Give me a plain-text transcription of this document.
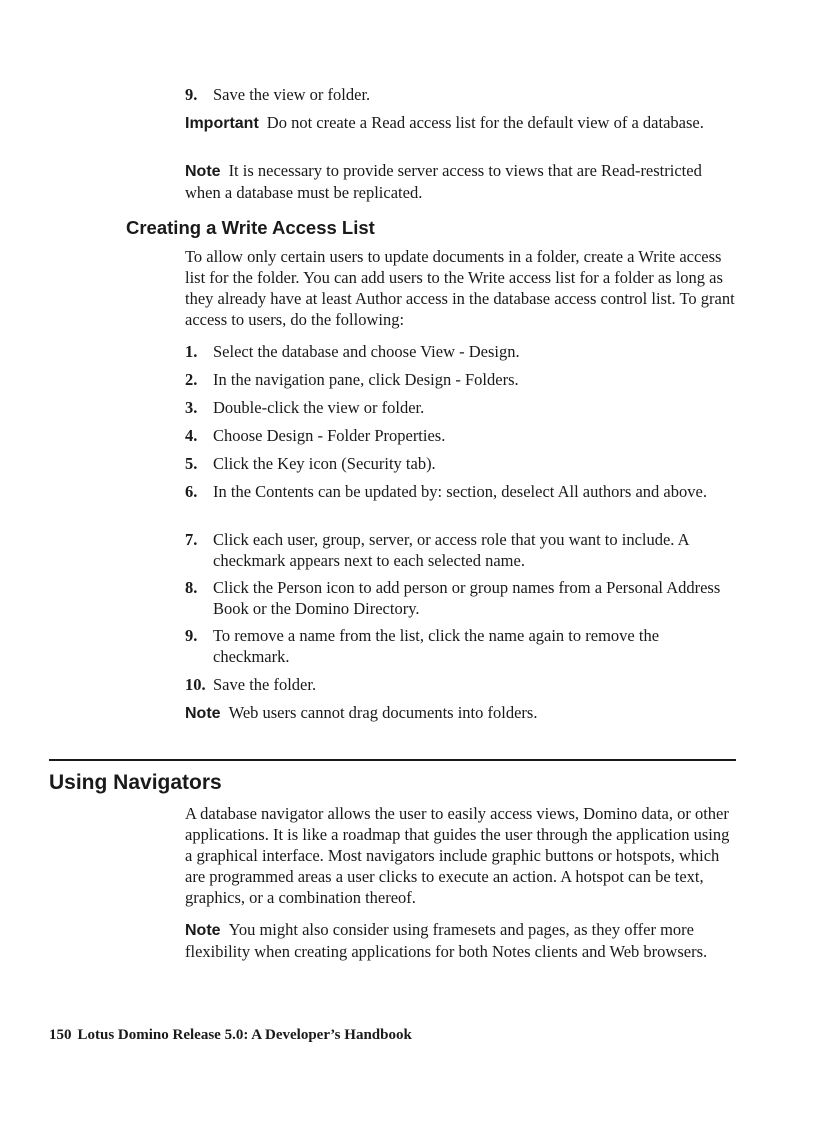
9. Save the view or folder.
Important Do not create a Read access list for the default view of a database.
Note It is necessary to provide server access to views that are Read-restricted when a database must be replicated.
Creating a Write Access List
To allow only certain users to update documents in a folder, create a Write access list for the folder. You can add users to the Write access list for a folder as long as they already have at least Author access in the database access control list. To grant access to users, do the following:
1. Select the database and choose View - Design.
2. In the navigation pane, click Design - Folders.
3. Double-click the view or folder.
4. Choose Design - Folder Properties.
5. Click the Key icon (Security tab).
6. In the Contents can be updated by: section, deselect All authors and above.
7. Click each user, group, server, or access role that you want to include. A checkmark appears next to each selected name.
8. Click the Person icon to add person or group names from a Personal Address Book or the Domino Directory.
9. To remove a name from the list, click the name again to remove the checkmark.
10. Save the folder.
Note Web users cannot drag documents into folders.
Using Navigators
A database navigator allows the user to easily access views, Domino data, or other applications. It is like a roadmap that guides the user through the application using a graphical interface. Most navigators include graphic buttons or hotspots, which are programmed areas a user clicks to execute an action. A hotspot can be text, graphics, or a combination thereof.
Note You might also consider using framesets and pages, as they offer more flexibility when creating applications for both Notes clients and Web browsers.
150 Lotus Domino Release 5.0: A Developer’s Handbook
